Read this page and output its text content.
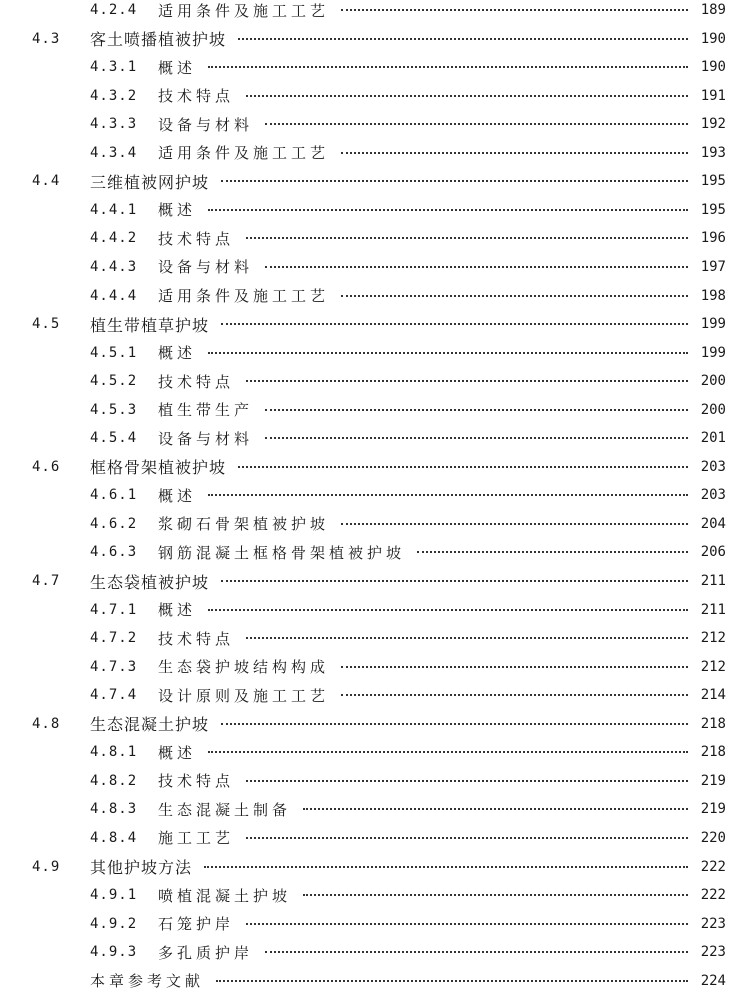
4.2.4 适用条件及施工工艺	189
4.3 客土喷播植被护坡	190
4.3.1 概述	190
4.3.2 技术特点	191
4.3.3 设备与材料	192
4.3.4 适用条件及施工工艺	193
4.4 三维植被网护坡	195
4.4.1 概述	195
4.4.2 技术特点	196
4.4.3 设备与材料	197
4.4.4 适用条件及施工工艺	198
4.5 植生带植草护坡	199
4.5.1 概述	199
4.5.2 技术特点	200
4.5.3 植生带生产	200
4.5.4 设备与材料	201
4.6 框格骨架植被护坡	203
4.6.1 概述	203
4.6.2 浆砌石骨架植被护坡	204
4.6.3 钢筋混凝土框格骨架植被护坡	206
4.7 生态袋植被护坡	211
4.7.1 概述	211
4.7.2 技术特点	212
4.7.3 生态袋护坡结构构成	212
4.7.4 设计原则及施工工艺	214
4.8 生态混凝土护坡	218
4.8.1 概述	218
4.8.2 技术特点	219
4.8.3 生态混凝土制备	219
4.8.4 施工工艺	220
4.9 其他护坡方法	222
4.9.1 喷植混凝土护坡	222
4.9.2 石笼护岸	223
4.9.3 多孔质护岸	223
本章参考文献	224
